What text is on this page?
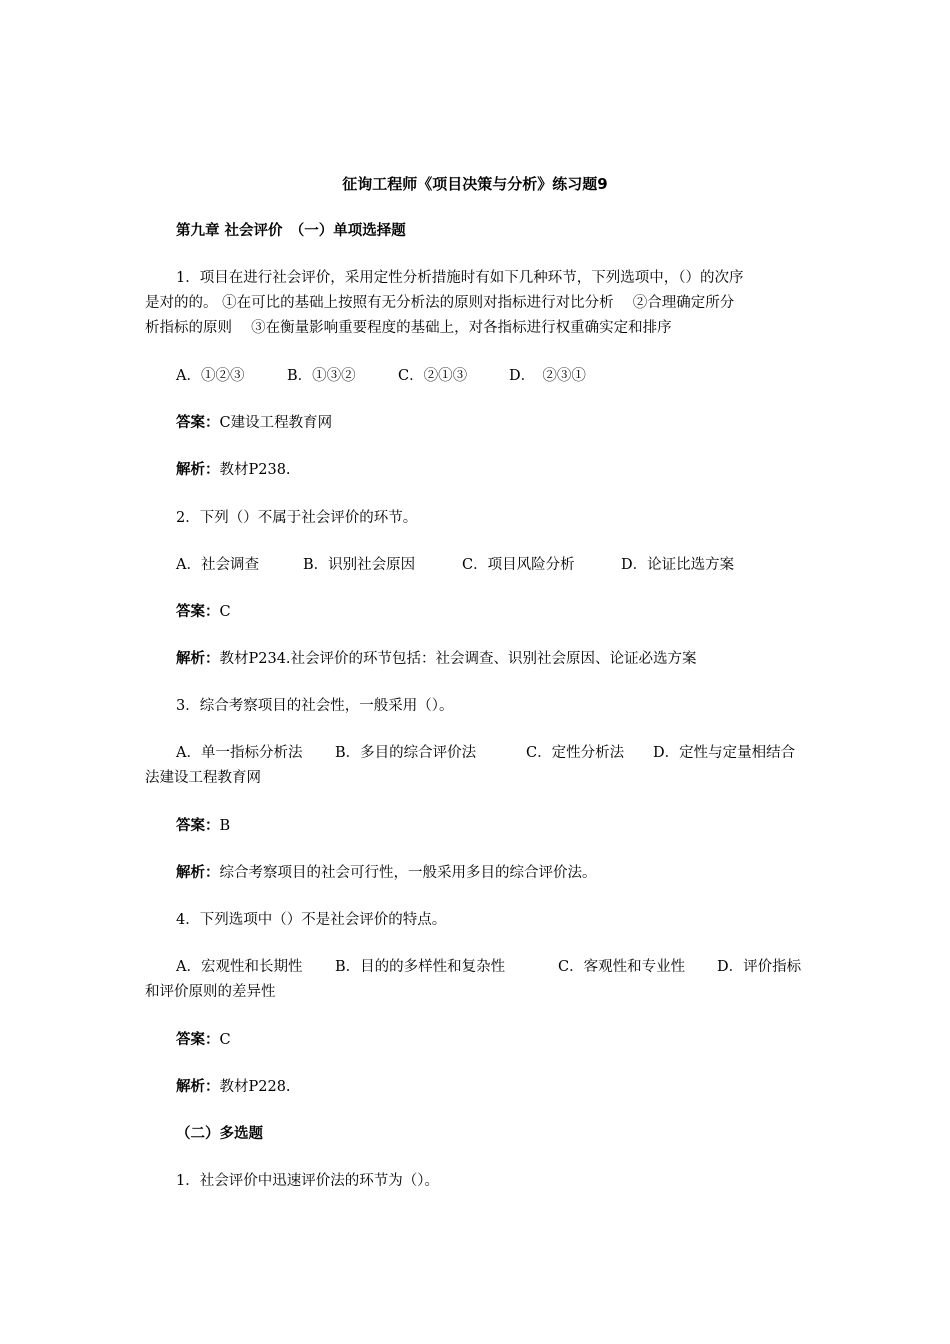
征询工程师《项目决策与分析》练习题9
第九章 社会评价　（一）单项选择题
1．项目在进行社会评价，采用定性分析措施时有如下几种环节，下列选项中，（）的次序
是对的的。 ①在可比的基础上按照有无分析法的原则对指标进行对比分析　 ②合理确定所分
析指标的原则　 ③在衡量影响重要程度的基础上，对各指标进行权重确实定和排序
A．①②③	B．①③②	C．②①③	D．　②③①
答案：C建设工程教育网
解析：教材P238.
2．下列（）不属于社会评价的环节。
A．社会调查	B．识别社会原因	C．项目风险分析	D．论证比选方案
答案：C
解析：教材P234.社会评价的环节包括：社会调查、识别社会原因、论证必选方案
3．综合考察项目的社会性，一般采用（）。
A．单一指标分析法 B．多目的综合评价法	C．定性分析法 D．定性与定量相结合
法建设工程教育网
答案：B
解析：综合考察项目的社会可行性，一般采用多目的综合评价法。
4．下列选项中（）不是社会评价的特点。
A．宏观性和长期性 B．目的的多样性和复杂性	C．客观性和专业性 D．评价指标
和评价原则的差异性
答案：C
解析：教材P228.
（二）多选题
1．社会评价中迅速评价法的环节为（）。
